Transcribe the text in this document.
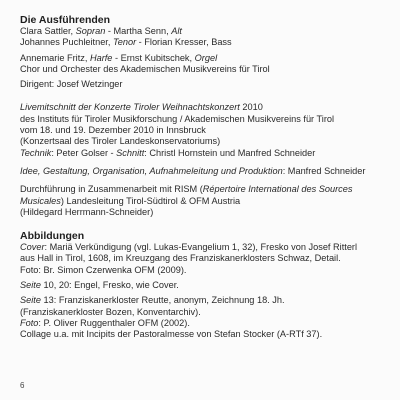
Die Ausführenden
Clara Sattler, Sopran - Martha Senn, Alt
Johannes Puchleitner, Tenor - Florian Kresser, Bass
Annemarie Fritz, Harfe - Ernst Kubitschek, Orgel
Chor und Orchester des Akademischen Musikvereins für Tirol
Dirigent: Josef Wetzinger
Livemitschnitt der Konzerte Tiroler Weihnachtskonzert 2010
des Instituts für Tiroler Musikforschung / Akademischen Musikvereins für Tirol
vom 18. und 19. Dezember 2010 in Innsbruck
(Konzertsaal des Tiroler Landeskonservatoriums)
Technik: Peter Golser - Schnitt: Christl Hornstein und Manfred Schneider
Idee, Gestaltung, Organisation, Aufnahmeleitung und Produktion: Manfred Schneider
Durchführung in Zusammenarbeit mit RISM (Répertoire International des Sources
Musicales) Landesleitung Tirol-Südtirol & OFM Austria
(Hildegard Herrmann-Schneider)
Abbildungen
Cover: Mariä Verkündigung (vgl. Lukas-Evangelium 1, 32), Fresko von Josef Ritterl
aus Hall in Tirol, 1608, im Kreuzgang des Franziskanerklosters Schwaz, Detail.
Foto: Br. Simon Czerwenka OFM (2009).
Seite 10, 20: Engel, Fresko, wie Cover.
Seite 13: Franziskanerkloster Reutte, anonym, Zeichnung 18. Jh.
(Franziskanerkloster Bozen, Konventarchiv).
Foto: P. Oliver Ruggenthaler OFM (2002).
Collage u.a. mit Incipits der Pastoralmesse von Stefan Stocker (A-RTf 37).
6
